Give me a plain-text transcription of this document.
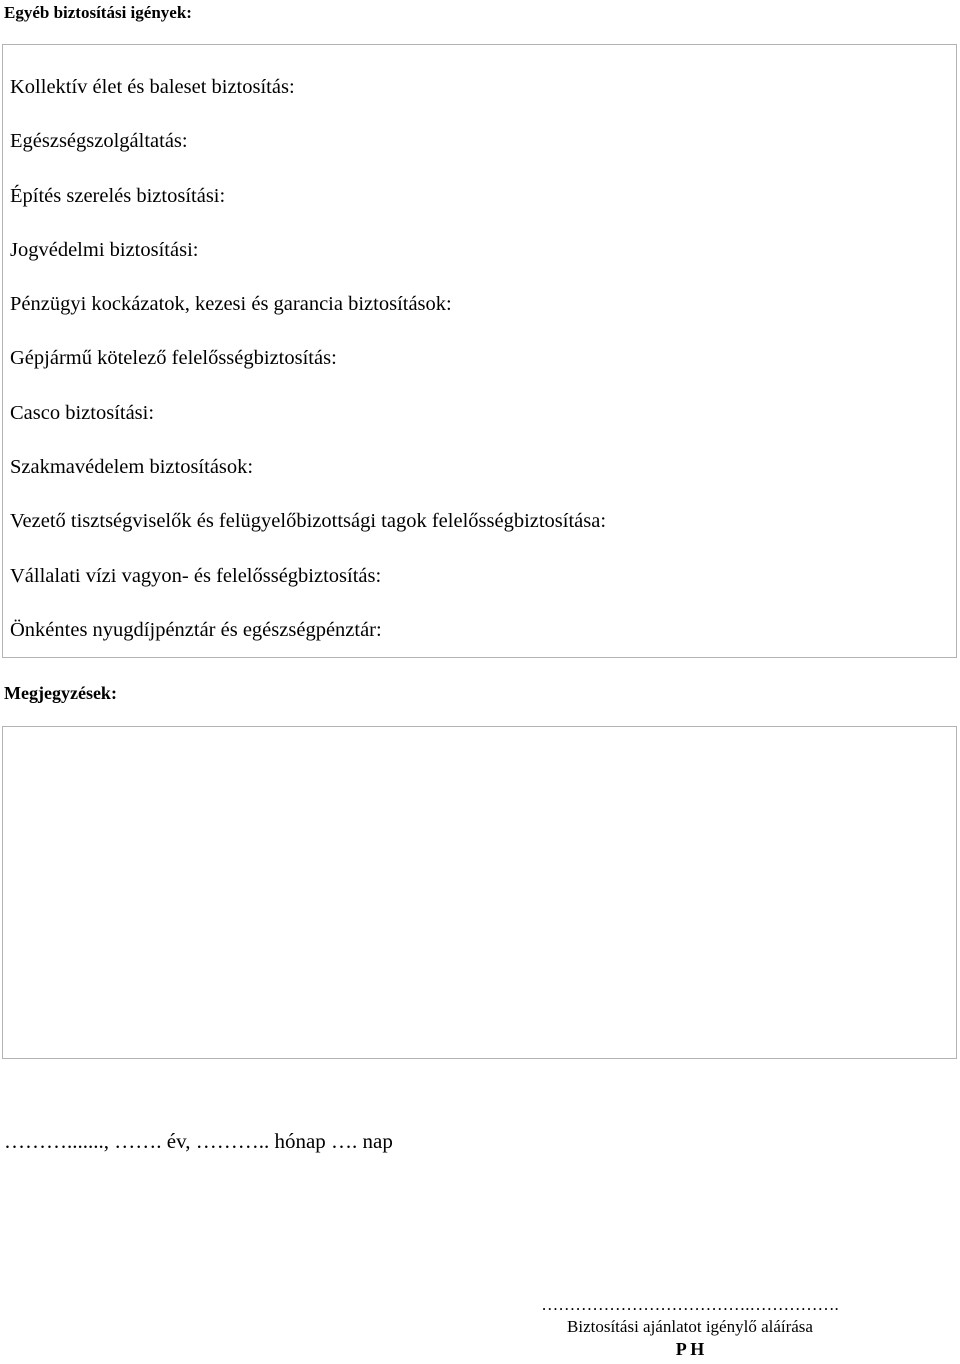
Egyéb biztosítási igények:
Kollektív élet és baleset biztosítás:
Egészségszolgáltatás:
Építés szerelés biztosítási:
Jogvédelmi biztosítási:
Pénzügyi kockázatok, kezesi és garancia biztosítások:
Gépjármű kötelező felelősségbiztosítás:
Casco biztosítási:
Szakmavédelem biztosítások:
Vezető tisztségviselők és felügyelőbizottsági tagok felelősségbiztosítása:
Vállalati vízi vagyon- és felelősségbiztosítás:
Önkéntes nyugdíjpénztár és egészségpénztár:
Megjegyzések:
………......., ……. év, ……….. hónap …. nap
……………………………….…………….
Biztosítási ajánlatot igénylő aláírása
P H
